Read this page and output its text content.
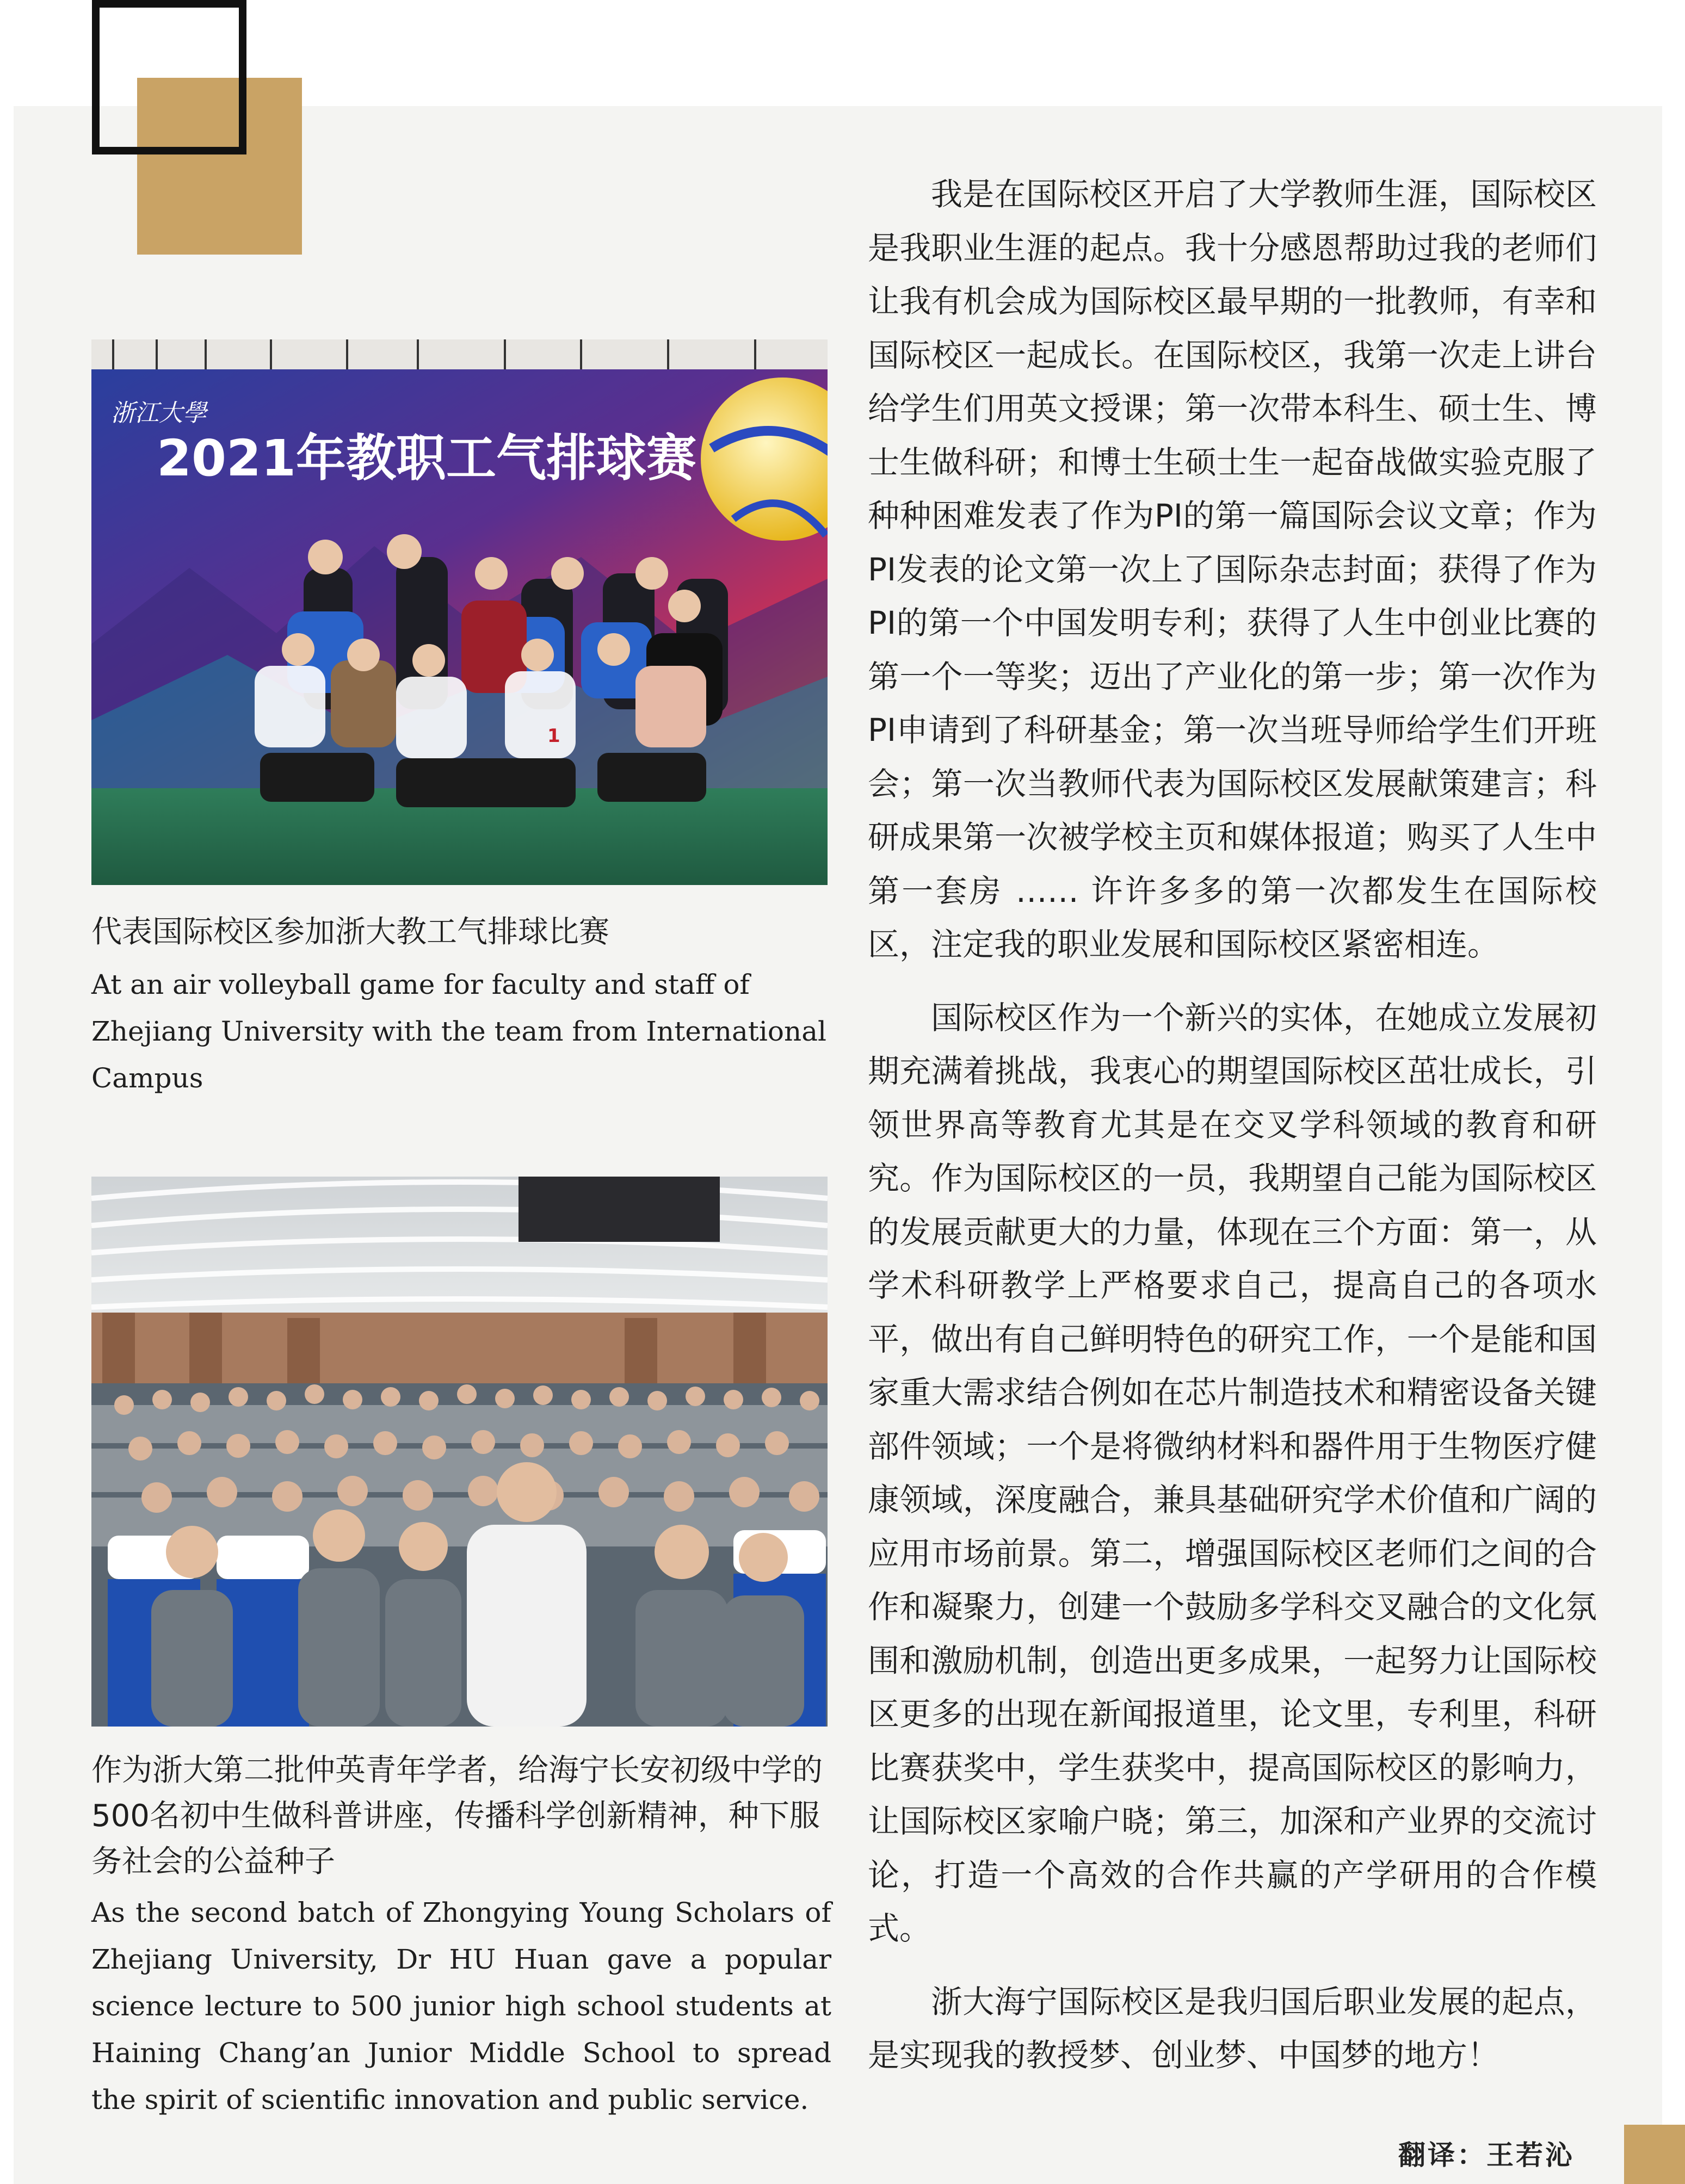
浙江大學
2021年教职工气排球赛
1
代表国际校区参加浙大教工气排球比赛
At an air volleyball game for faculty and staff of Zhejiang University with the team from International Campus
作为浙大第二批仲英青年学者，给海宁长安初级中学的500名初中生做科普讲座，传播科学创新精神，种下服务社会的公益种子
As the second batch of Zhongying Young Scholars of Zhejiang University, Dr HU Huan gave a popular science lecture to 500 junior high school students at Haining Chang’an Junior Middle School to spread the spirit of scientific innovation and public service.

我是在国际校区开启了大学教师生涯，国际校区是我职业生涯的起点。我十分感恩帮助过我的老师们让我有机会成为国际校区最早期的一批教师，有幸和国际校区一起成长。在国际校区，我第一次走上讲台给学生们用英文授课；第一次带本科生、硕士生、博士生做科研；和博士生硕士生一起奋战做实验克服了种种困难发表了作为PI的第一篇国际会议文章；作为PI发表的论文第一次上了国际杂志封面；获得了作为PI的第一个中国发明专利；获得了人生中创业比赛的第一个一等奖；迈出了产业化的第一步；第一次作为PI申请到了科研基金；第一次当班导师给学生们开班会；第一次当教师代表为国际校区发展献策建言；科研成果第一次被学校主页和媒体报道；购买了人生中第一套房 …… 许许多多的第一次都发生在国际校区，注定我的职业发展和国际校区紧密相连。

国际校区作为一个新兴的实体，在她成立发展初期充满着挑战，我衷心的期望国际校区茁壮成长，引领世界高等教育尤其是在交叉学科领域的教育和研究。作为国际校区的一员，我期望自己能为国际校区的发展贡献更大的力量，体现在三个方面：第一，从学术科研教学上严格要求自己，提高自己的各项水平，做出有自己鲜明特色的研究工作，一个是能和国家重大需求结合例如在芯片制造技术和精密设备关键部件领域；一个是将微纳材料和器件用于生物医疗健康领域，深度融合，兼具基础研究学术价值和广阔的应用市场前景。第二，增强国际校区老师们之间的合作和凝聚力，创建一个鼓励多学科交叉融合的文化氛围和激励机制，创造出更多成果，一起努力让国际校区更多的出现在新闻报道里，论文里，专利里，科研比赛获奖中，学生获奖中，提高国际校区的影响力，让国际校区家喻户晓；第三，加深和产业界的交流讨论，打造一个高效的合作共赢的产学研用的合作模式。

浙大海宁国际校区是我归国后职业发展的起点，是实现我的教授梦、创业梦、中国梦的地方！

翻译：王若沁
